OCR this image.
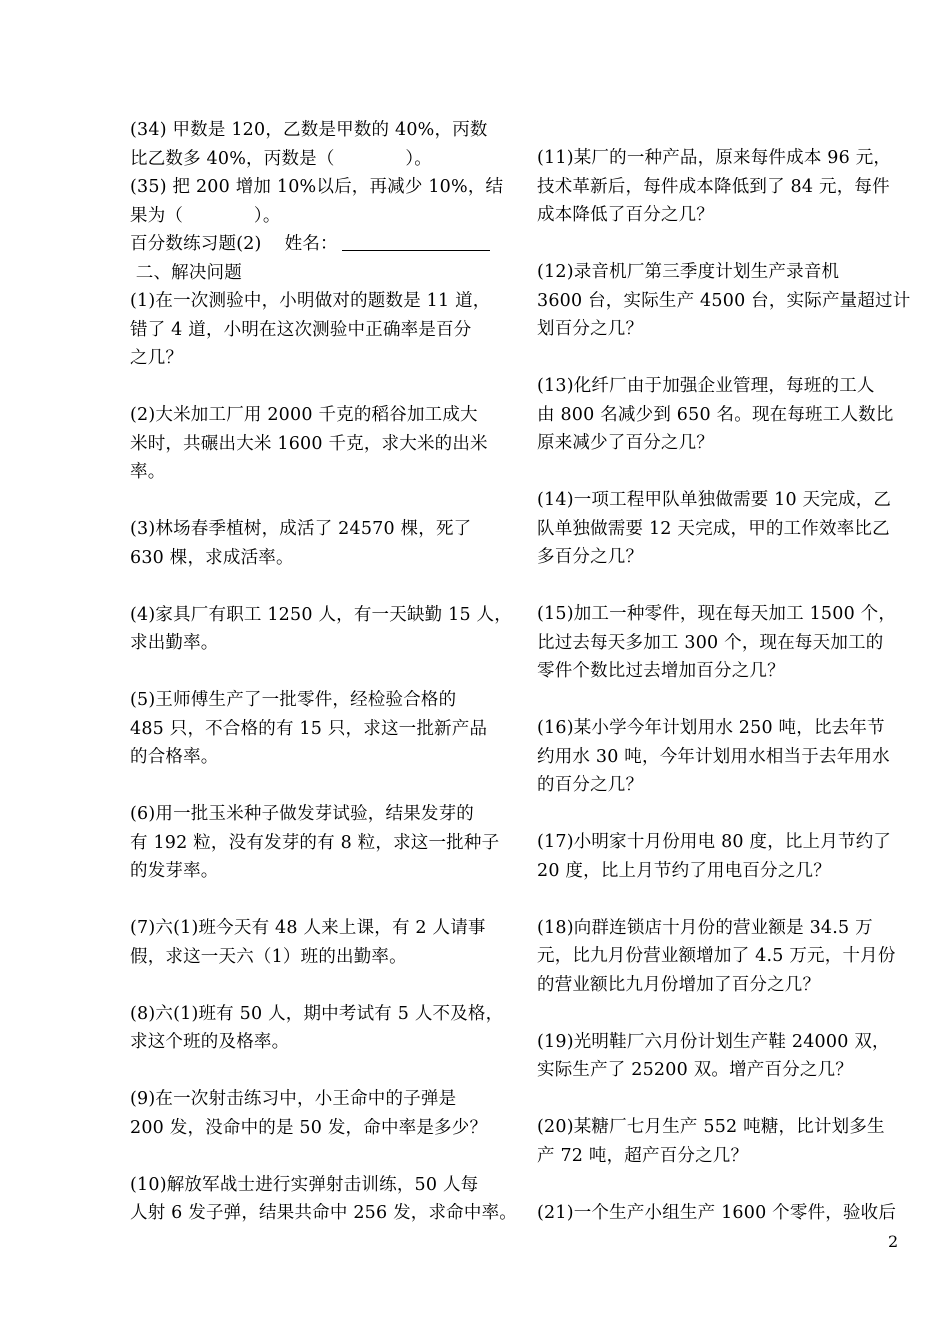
(34) 甲数是 120，乙数是甲数的 40%，丙数
比乙数多 40%，丙数是（　　　　）。
(35) 把 200 增加 10%以后，再减少 10%，结
果为（　　　　）。
百分数练习题(2) 姓名：
二、解决问题
(1)在一次测验中，小明做对的题数是 11 道，
错了 4 道，小明在这次测验中正确率是百分
之几？
(2)大米加工厂用 2000 千克的稻谷加工成大
米时，共碾出大米 1600 千克，求大米的出米
率。
(3)林场春季植树，成活了 24570 棵，死了
630 棵，求成活率。
(4)家具厂有职工 1250 人，有一天缺勤 15 人，
求出勤率。
(5)王师傅生产了一批零件，经检验合格的
485 只，不合格的有 15 只，求这一批新产品
的合格率。
(6)用一批玉米种子做发芽试验，结果发芽的
有 192 粒，没有发芽的有 8 粒，求这一批种子
的发芽率。
(7)六(1)班今天有 48 人来上课，有 2 人请事
假，求这一天六（1）班的出勤率。
(8)六(1)班有 50 人，期中考试有 5 人不及格，
求这个班的及格率。
(9)在一次射击练习中，小王命中的子弹是
200 发，没命中的是 50 发，命中率是多少？
(10)解放军战士进行实弹射击训练，50 人每
人射 6 发子弹，结果共命中 256 发，求命中率。
(11)某厂的一种产品，原来每件成本 96 元，
技术革新后，每件成本降低到了 84 元，每件
成本降低了百分之几？
(12)录音机厂第三季度计划生产录音机
3600 台，实际生产 4500 台，实际产量超过计
划百分之几？
(13)化纤厂由于加强企业管理，每班的工人
由 800 名减少到 650 名。现在每班工人数比
原来减少了百分之几？
(14)一项工程甲队单独做需要 10 天完成，乙
队单独做需要 12 天完成，甲的工作效率比乙
多百分之几？
(15)加工一种零件，现在每天加工 1500 个，
比过去每天多加工 300 个，现在每天加工的
零件个数比过去增加百分之几？
(16)某小学今年计划用水 250 吨，比去年节
约用水 30 吨，今年计划用水相当于去年用水
的百分之几？
(17)小明家十月份用电 80 度，比上月节约了
20 度，比上月节约了用电百分之几？
(18)向群连锁店十月份的营业额是 34.5 万
元，比九月份营业额增加了 4.5 万元，十月份
的营业额比九月份增加了百分之几？
(19)光明鞋厂六月份计划生产鞋 24000 双，
实际生产了 25200 双。增产百分之几？
(20)某糖厂七月生产 552 吨糖，比计划多生
产 72 吨，超产百分之几？
(21)一个生产小组生产 1600 个零件，验收后
2
